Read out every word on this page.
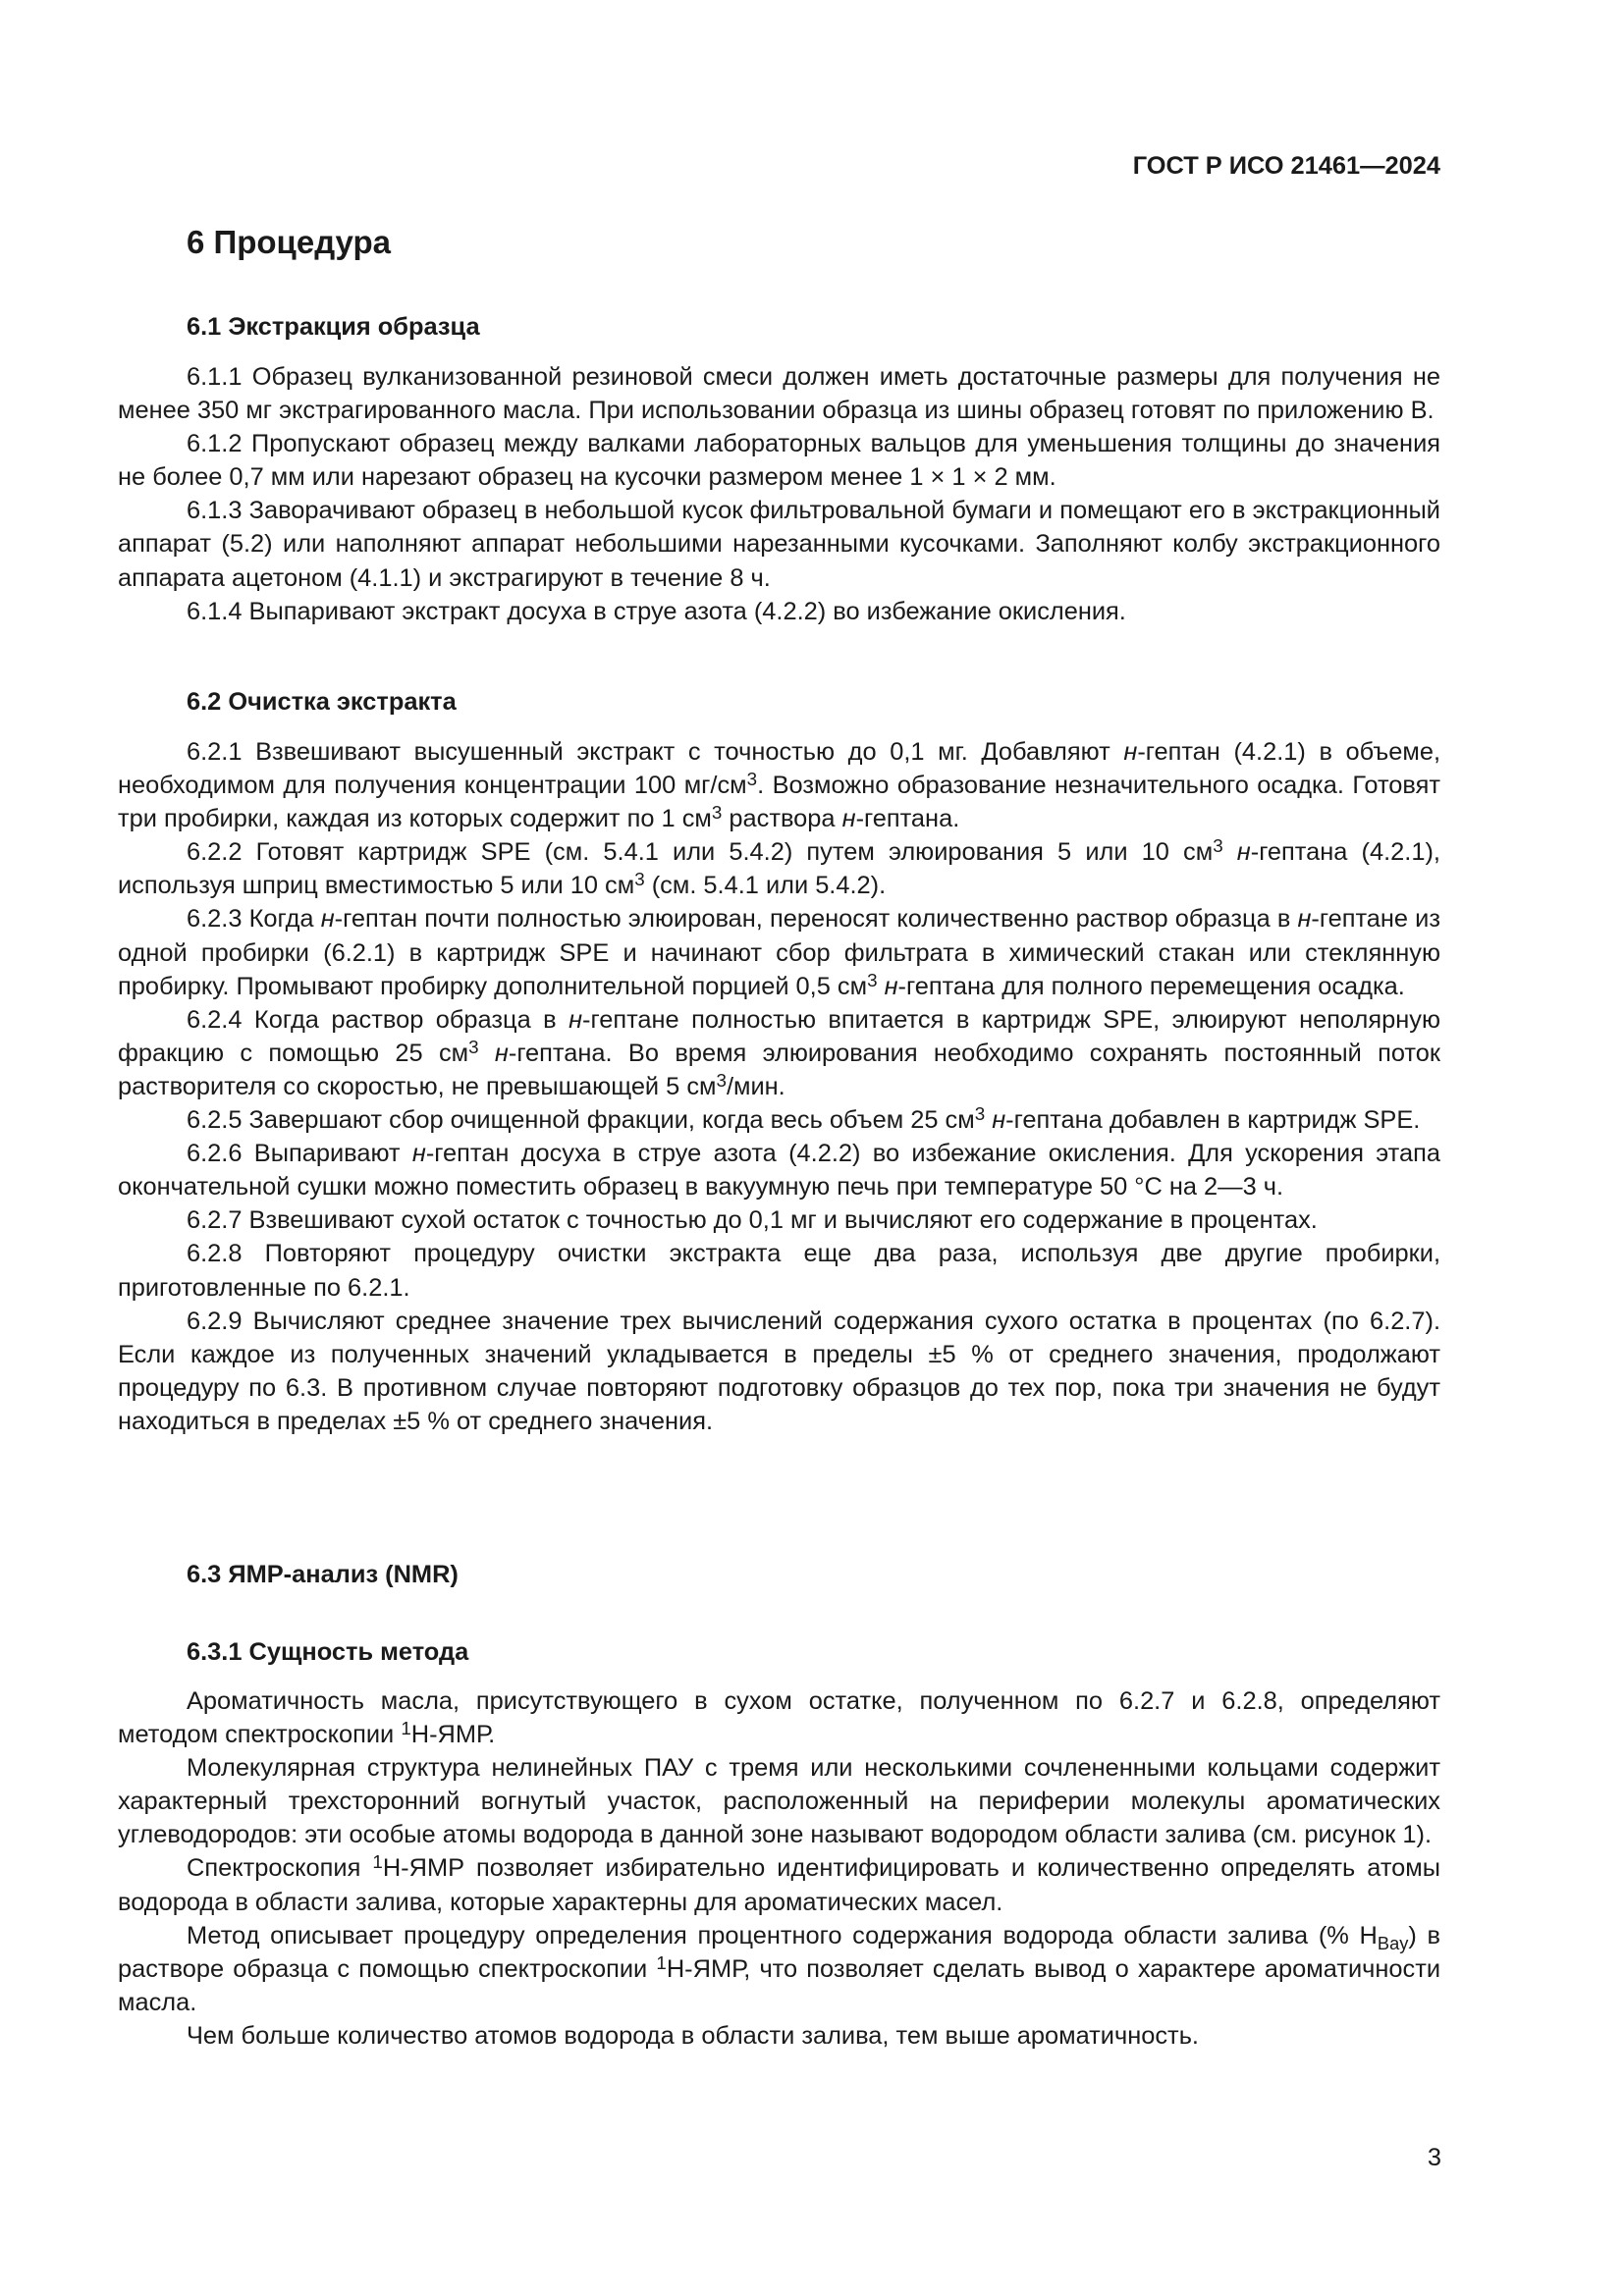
ГОСТ Р ИСО 21461—2024
6 Процедура
6.1 Экстракция образца

6.1.1 Образец вулканизованной резиновой смеси должен иметь достаточные размеры для получения не менее 350 мг экстрагированного масла. При использовании образца из шины образец готовят по приложению В.

6.1.2 Пропускают образец между валками лабораторных вальцов для уменьшения толщины до значения не более 0,7 мм или нарезают образец на кусочки размером менее 1 × 1 × 2 мм.

6.1.3 Заворачивают образец в небольшой кусок фильтровальной бумаги и помещают его в экстракционный аппарат (5.2) или наполняют аппарат небольшими нарезанными кусочками. Заполняют колбу экстракционного аппарата ацетоном (4.1.1) и экстрагируют в течение 8 ч.

6.1.4 Выпаривают экстракт досуха в струе азота (4.2.2) во избежание окисления.

6.2 Очистка экстракта

6.2.1 Взвешивают высушенный экстракт с точностью до 0,1 мг. Добавляют н-гептан (4.2.1) в объеме, необходимом для получения концентрации 100 $мг/см^3$. Возможно образование незначительного осадка. Готовят три пробирки, каждая из которых содержит по 1 $см^3$ раствора н-гептана.

6.2.2 Готовят картридж SPE (см. 5.4.1 или 5.4.2) путем элюирования 5 или 10 $см^3$ н-гептана (4.2.1), используя шприц вместимостью 5 или 10 $см^3$ (см. 5.4.1 или 5.4.2).

6.2.3 Когда н-гептан почти полностью элюирован, переносят количественно раствор образца в н-гептане из одной пробирки (6.2.1) в картридж SPE и начинают сбор фильтрата в химический стакан или стеклянную пробирку. Промывают пробирку дополнительной порцией 0,5 $см^3$ н-гептана для полного перемещения осадка.

6.2.4 Когда раствор образца в н-гептане полностью впитается в картридж SPE, элюируют неполярную фракцию с помощью 25 $см^3$ н-гептана. Во время элюирования необходимо сохранять постоянный поток растворителя со скоростью, не превышающей 5 $см^3$/мин.

6.2.5 Завершают сбор очищенной фракции, когда весь объем 25 $см^3$ н-гептана добавлен в картридж SPE.

6.2.6 Выпаривают н-гептан досуха в струе азота (4.2.2) во избежание окисления. Для ускорения этапа окончательной сушки можно поместить образец в вакуумную печь при температуре 50 °С на 2—3 ч.

6.2.7 Взвешивают сухой остаток с точностью до 0,1 мг и вычисляют его содержание в процентах.

6.2.8 Повторяют процедуру очистки экстракта еще два раза, используя две другие пробирки, приготовленные по 6.2.1.

6.2.9 Вычисляют среднее значение трех вычислений содержания сухого остатка в процентах (по 6.2.7). Если каждое из полученных значений укладывается в пределы ±5 % от среднего значения, продолжают процедуру по 6.3. В противном случае повторяют подготовку образцов до тех пор, пока три значения не будут находиться в пределах ±5 % от среднего значения.

6.3 ЯМР-анализ (NMR)
6.3.1 Сущность метода

Ароматичность масла, присутствующего в сухом остатке, полученном по 6.2.7 и 6.2.8, определяют методом спектроскопии $^1$Н-ЯМР.

Молекулярная структура нелинейных ПАУ с тремя или несколькими сочлененными кольцами содержит характерный трехсторонний вогнутый участок, расположенный на периферии молекулы ароматических углеводородов: эти особые атомы водорода в данной зоне называют водородом области залива (см. рисунок 1).

Спектроскопия $^1$Н-ЯМР позволяет избирательно идентифицировать и количественно определять атомы водорода в области залива, которые характерны для ароматических масел.

Метод описывает процедуру определения процентного содержания водорода области залива (% $Н_{Bay}$) в растворе образца с помощью спектроскопии $^1$Н-ЯМР, что позволяет сделать вывод о характере ароматичности масла.

Чем больше количество атомов водорода в области залива, тем выше ароматичность.

3
